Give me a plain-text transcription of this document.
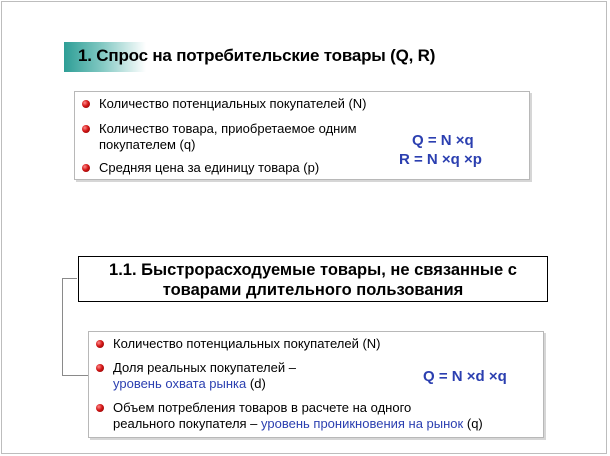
1. Спрос на потребительские товары (Q, R)
Количество потенциальных покупателей (N)
Количество товара, приобретаемое одним
покупателем (q)
Средняя цена за единицу товара (р)
Q = N ×q
R = N ×q ×p
1.1. Быстрорасходуемые товары, не связанные с
товарами длительного пользования
Количество потенциальных покупателей (N)
Доля реальных покупателей –
уровень охвата рынка (d)
Объем потребления товаров в расчете на одного
реального покупателя – уровень проникновения на рынок (q)
Q = N ×d ×q
